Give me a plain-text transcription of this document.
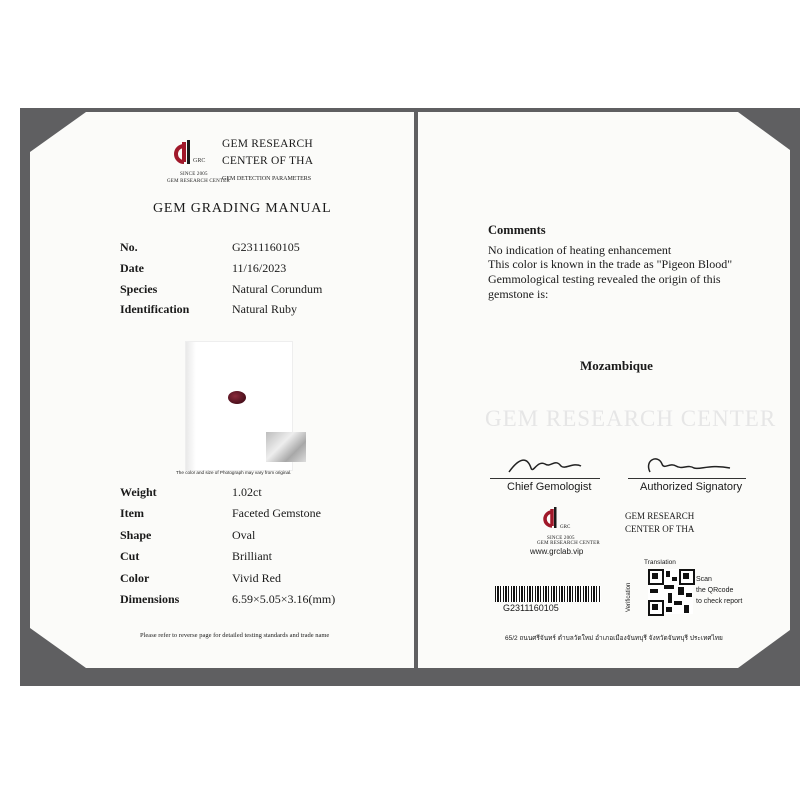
GRC
SINCE 2005
GEM RESEARCH CENTER
GEM RESEARCH
CENTER OF THA
GEM DETECTION PARAMETERS
GEM GRADING MANUAL
No.	G2311160105
Date	11/16/2023
Species	Natural Corundum
Identification	Natural Ruby
The color and size of Photograph may vary from original.
Weight	1.02ct
Item	Faceted Gemstone
Shape	Oval
Cut	Brilliant
Color	Vivid Red
Dimensions	6.59×5.05×3.16(mm)
Please refer to reverse page for detailed testing standards and trade name
Comments
No indication of heating enhancement
This color is known in the trade as "Pigeon Blood"
Gemmological testing revealed the origin of this
gemstone is:
Mozambique
GEM RESEARCH CENTER
Chief Gemologist	Authorized Signatory
GRC
SINCE 2005
GEM RESEARCH CENTER
www.grclab.vip
GEM RESEARCH
CENTER OF THA
G2311160105
Translation
Verification
Scan
the QRcode
to check report
65/2 ถนนศรีจันทร์ ตำบลวัดใหม่ อำเภอเมืองจันทบุรี จังหวัดจันทบุรี ประเทศไทย
